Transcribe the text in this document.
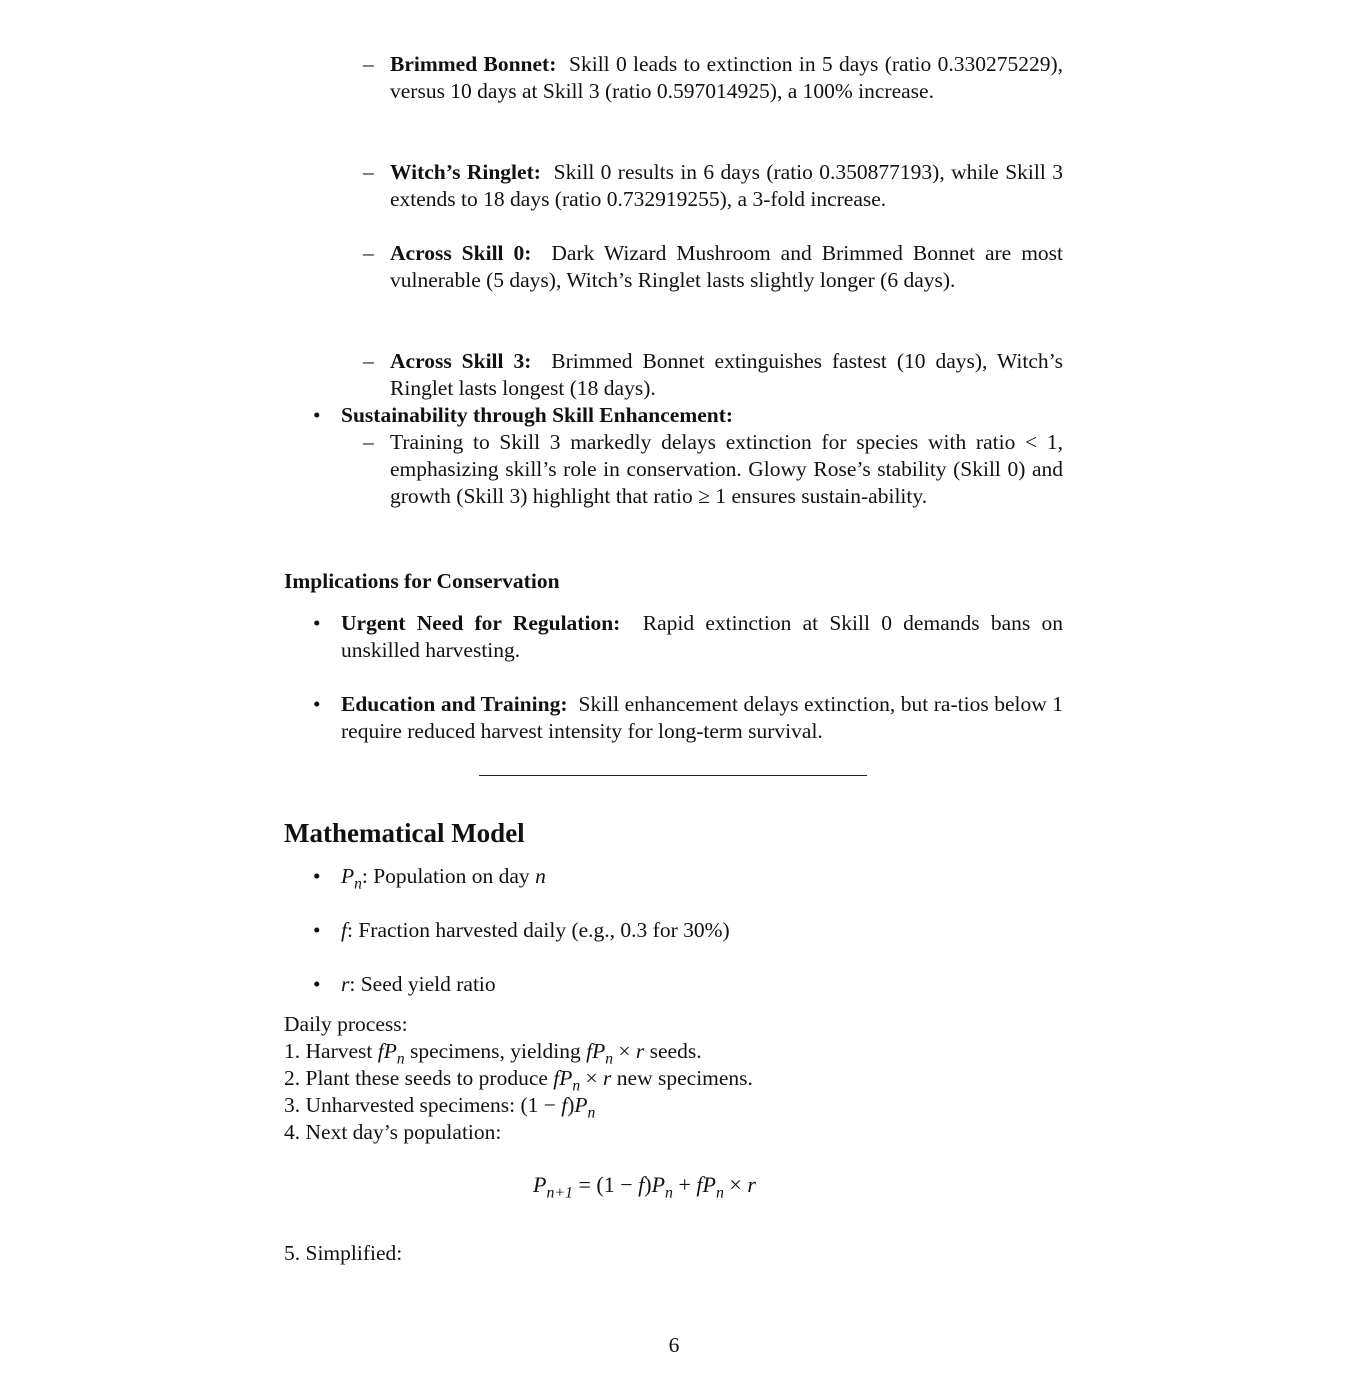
– Brimmed Bonnet: Skill 0 leads to extinction in 5 days (ratio 0.330275229), versus 10 days at Skill 3 (ratio 0.597014925), a 100% increase.
– Witch’s Ringlet: Skill 0 results in 6 days (ratio 0.350877193), while Skill 3 extends to 18 days (ratio 0.732919255), a 3-fold increase.
– Across Skill 0: Dark Wizard Mushroom and Brimmed Bonnet are most vulnerable (5 days), Witch’s Ringlet lasts slightly longer (6 days).
– Across Skill 3: Brimmed Bonnet extinguishes fastest (10 days), Witch’s Ringlet lasts longest (18 days).
• Sustainability through Skill Enhancement:
– Training to Skill 3 markedly delays extinction for species with ratio < 1, emphasizing skill’s role in conservation. Glowy Rose’s stability (Skill 0) and growth (Skill 3) highlight that ratio ≥ 1 ensures sustain-ability.
Implications for Conservation
• Urgent Need for Regulation: Rapid extinction at Skill 0 demands bans on unskilled harvesting.
• Education and Training: Skill enhancement delays extinction, but ra-tios below 1 require reduced harvest intensity for long-term survival.
Mathematical Model
• $P_n$: Population on day n
• f: Fraction harvested daily (e.g., 0.3 for 30%)
• r: Seed yield ratio
Daily process:
1. Harvest $fP_n$ specimens, yielding $fP_n \times r$ seeds.
2. Plant these seeds to produce $fP_n \times r$ new specimens.
3. Unharvested specimens: $(1 - f)P_n$
4. Next day’s population:
$P_{n+1} = (1 - f)P_n + fP_n \times r$
5. Simplified:
6
